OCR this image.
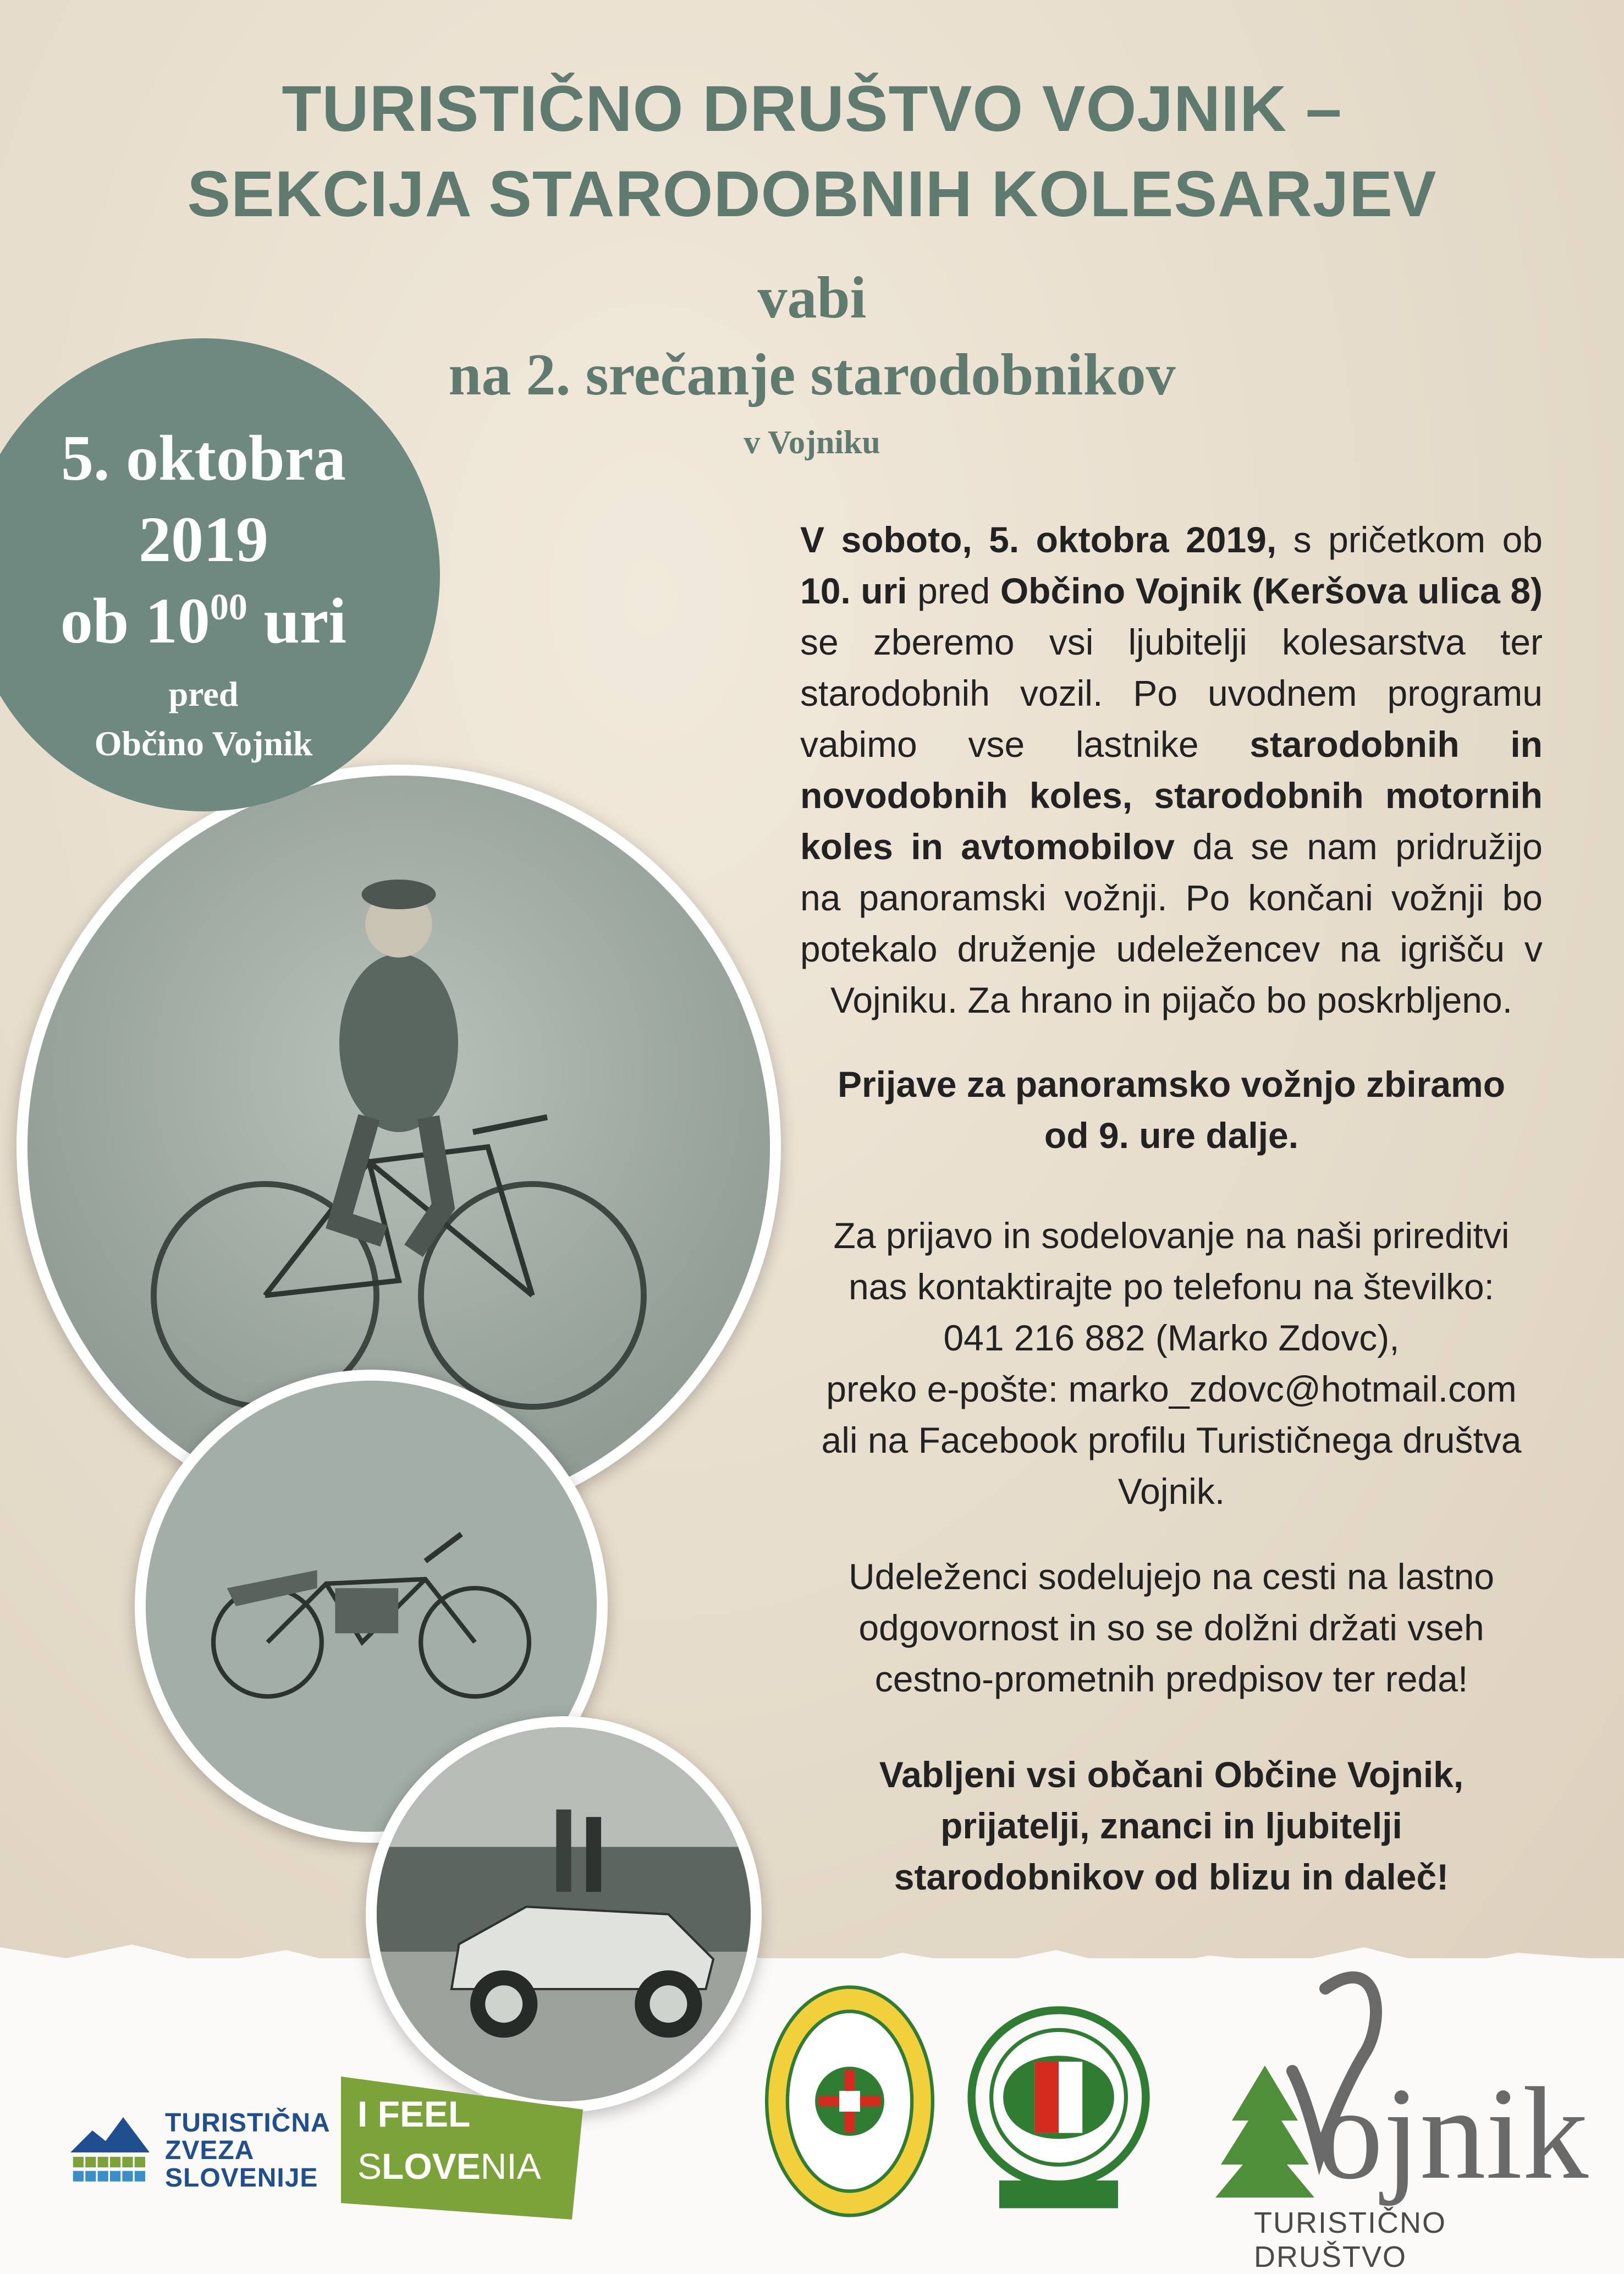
TURISTIČNO DRUŠTVO VOJNIK –
SEKCIJA STARODOBNIH KOLESARJEV
vabi
na 2. srečanje starodobnikov
v Vojniku
5. oktobra
2019
ob $10^{00}$ uri
pred
Občino Vojnik

V soboto, 5. oktobra 2019, s pričetkom ob 10. uri pred Občino Vojnik (Keršova ulica 8) se zberemo vsi ljubitelji kolesarstva ter starodobnih vozil. Po uvodnem programu vabimo vse lastnike starodobnih in novodobnih koles, starodobnih motornih koles in avtomobilov da se nam pridružijo na panoramski vožnji. Po končani vožnji bo potekalo druženje udeležencev na igrišču v Vojniku. Za hrano in pijačo bo poskrbljeno.

Prijave za panoramsko vožnjo zbiramo

od 9. ure dalje.

Za prijavo in sodelovanje na naši prireditvi

nas kontaktirajte po telefonu na številko:

041 216 882 (Marko Zdovc),

preko e-pošte: marko_zdovc@hotmail.com

ali na Facebook profilu Turističnega društva

Vojnik.

Udeleženci sodelujejo na cesti na lastno

odgovornost in so se dolžni držati vseh

cestno-prometnih predpisov ter reda!

Vabljeni vsi občani Občine Vojnik,

prijatelji, znanci in ljubitelji

starodobnikov od blizu in daleč!

TURISTIČNA
ZVEZA
SLOVENIJE
I FEEL
SLOVENIA	ojnik
TURISTIČNO DRUŠTVO
